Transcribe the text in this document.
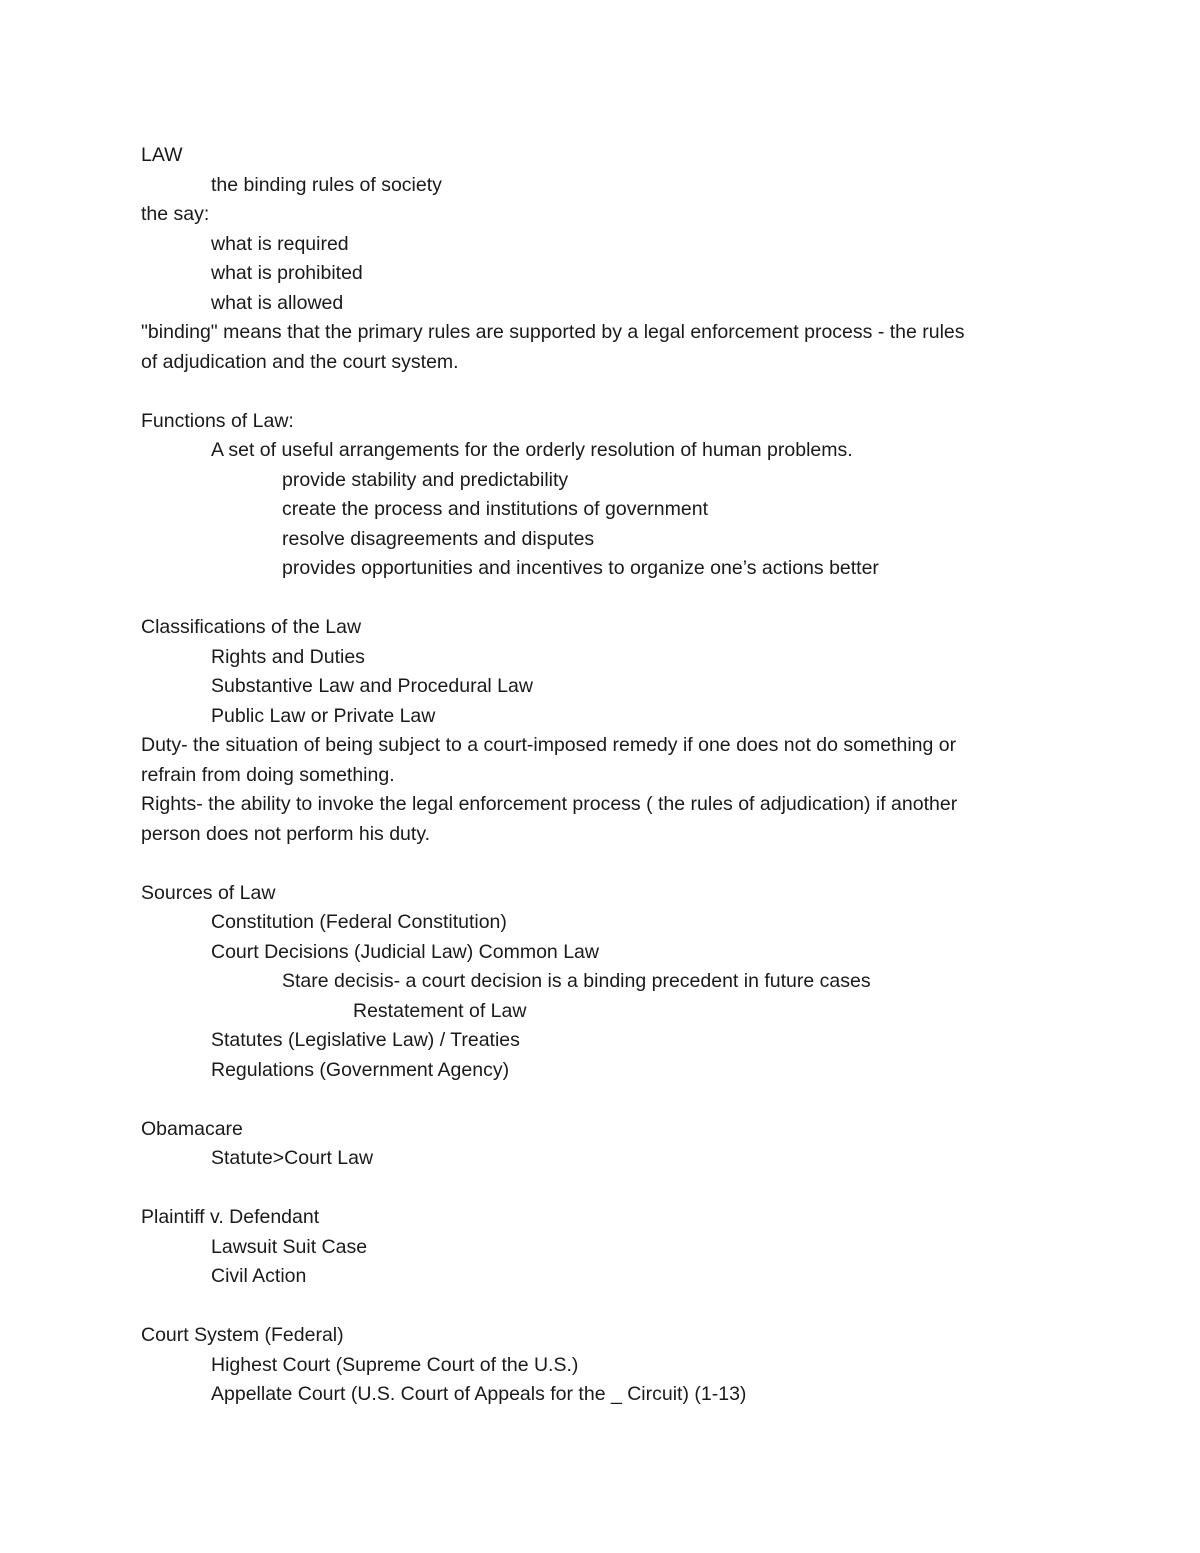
LAW
the binding rules of society
the say:
what is required
what is prohibited
what is allowed
"binding" means that the primary rules are supported by a legal enforcement process - the rules
of adjudication and the court system.
Functions of Law:
A set of useful arrangements for the orderly resolution of human problems.
provide stability and predictability
create the process and institutions of government
resolve disagreements and disputes
provides opportunities and incentives to organize one’s actions better
Classifications of the Law
Rights and Duties
Substantive Law and Procedural Law
Public Law or Private Law
Duty- the situation of being subject to a court-imposed remedy if one does not do something or
refrain from doing something.
Rights- the ability to invoke the legal enforcement process ( the rules of adjudication) if another
person does not perform his duty.
Sources of Law
Constitution (Federal Constitution)
Court Decisions (Judicial Law) Common Law
Stare decisis- a court decision is a binding precedent in future cases
Restatement of Law
Statutes (Legislative Law) / Treaties
Regulations (Government Agency)
Obamacare
Statute>Court Law
Plaintiff v. Defendant
Lawsuit Suit Case
Civil Action
Court System (Federal)
Highest Court (Supreme Court of the U.S.)
Appellate Court (U.S. Court of Appeals for the _ Circuit) (1-13)
